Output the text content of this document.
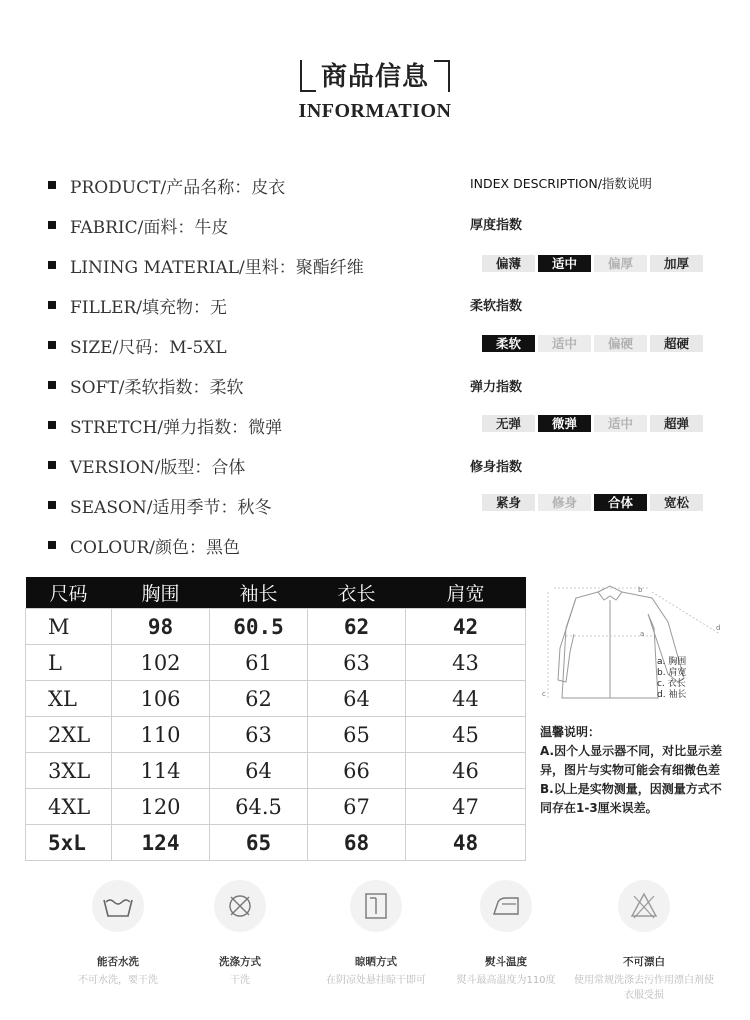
商品信息
INFORMATION
PRODUCT/产品名称：皮衣
FABRIC/面料：牛皮
LINING MATERIAL/里料：聚酯纤维
FILLER/填充物：无
SIZE/尺码：M-5XL
SOFT/柔软指数：柔软
STRETCH/弹力指数：微弹
VERSION/版型：合体
SEASON/适用季节：秋冬
COLOUR/颜色：黑色
INDEX DESCRIPTION/指数说明
厚度指数
偏薄	适中	偏厚	加厚
柔软指数
柔软	适中	偏硬	超硬
弹力指数
无弹	微弹	适中	超弹
修身指数
紧身	修身	合体	宽松
尺码	胸围	袖长	衣长	肩宽
M	98	60.5	62	42
L	102	61	63	43
XL	106	62	64	44
2XL	110	63	65	45
3XL	114	64	66	46
4XL	120	64.5	67	47
5xL	124	65	68	48
a
b
c
d
a. 胸围
b. 肩宽
c. 衣长
d. 袖长
温馨说明：
A.因个人显示器不同，对比显示差异，图片与实物可能会有细微色差
B.以上是实物测量，因测量方式不同存在1-3厘米误差。
能否水洗
不可水洗，要干洗
洗涤方式
干洗
晾晒方式
在阴凉处悬挂晾干即可
熨斗温度
熨斗最高温度为110度
不可漂白
使用常规洗涤去污作用漂白剂使衣服受损
